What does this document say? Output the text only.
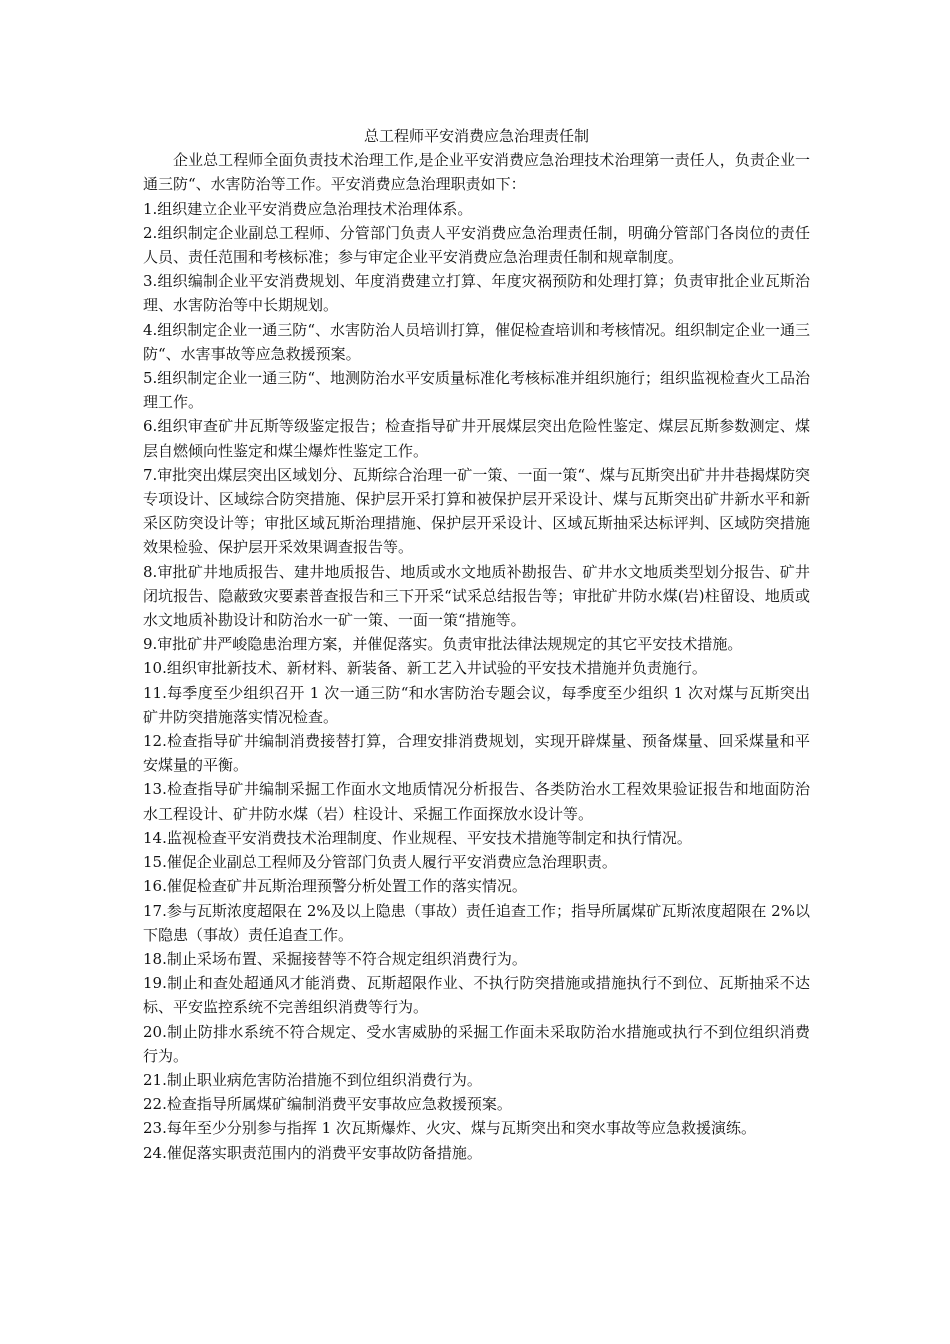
总工程师平安消费应急治理责任制

企业总工程师全面负责技术治理工作,是企业平安消费应急治理技术治理第一责任人，负责企业一通三防“、水害防治等工作。平安消费应急治理职责如下：

1.组织建立企业平安消费应急治理技术治理体系。
2.组织制定企业副总工程师、分管部门负责人平安消费应急治理责任制，明确分管部门各岗位的责任人员、责任范围和考核标准；参与审定企业平安消费应急治理责任制和规章制度。
3.组织编制企业平安消费规划、年度消费建立打算、年度灾祸预防和处理打算；负责审批企业瓦斯治理、水害防治等中长期规划。
4.组织制定企业一通三防“、水害防治人员培训打算，催促检查培训和考核情况。组织制定企业一通三防“、水害事故等应急救援预案。
5.组织制定企业一通三防“、地测防治水平安质量标准化考核标准并组织施行；组织监视检查火工品治理工作。
6.组织审查矿井瓦斯等级鉴定报告；检查指导矿井开展煤层突出危险性鉴定、煤层瓦斯参数测定、煤层自燃倾向性鉴定和煤尘爆炸性鉴定工作。
7.审批突出煤层突出区域划分、瓦斯综合治理一矿一策、一面一策“、煤与瓦斯突出矿井井巷揭煤防突专项设计、区域综合防突措施、保护层开采打算和被保护层开采设计、煤与瓦斯突出矿井新水平和新采区防突设计等；审批区域瓦斯治理措施、保护层开采设计、区域瓦斯抽采达标评判、区域防突措施效果检验、保护层开采效果调查报告等。
8.审批矿井地质报告、建井地质报告、地质或水文地质补勘报告、矿井水文地质类型划分报告、矿井闭坑报告、隐蔽致灾要素普查报告和三下开采“试采总结报告等；审批矿井防水煤(岩)柱留设、地质或水文地质补勘设计和防治水一矿一策、一面一策“措施等。
9.审批矿井严峻隐患治理方案，并催促落实。负责审批法律法规规定的其它平安技术措施。
10.组织审批新技术、新材料、新装备、新工艺入井试验的平安技术措施并负责施行。
11.每季度至少组织召开 1 次一通三防“和水害防治专题会议，每季度至少组织 1 次对煤与瓦斯突出矿井防突措施落实情况检查。
12.检查指导矿井编制消费接替打算，合理安排消费规划，实现开辟煤量、预备煤量、回采煤量和平安煤量的平衡。
13.检查指导矿井编制采掘工作面水文地质情况分析报告、各类防治水工程效果验证报告和地面防治水工程设计、矿井防水煤（岩）柱设计、采掘工作面探放水设计等。
14.监视检查平安消费技术治理制度、作业规程、平安技术措施等制定和执行情况。
15.催促企业副总工程师及分管部门负责人履行平安消费应急治理职责。
16.催促检查矿井瓦斯治理预警分析处置工作的落实情况。
17.参与瓦斯浓度超限在 2%及以上隐患（事故）责任追查工作；指导所属煤矿瓦斯浓度超限在 2%以下隐患（事故）责任追查工作。
18.制止采场布置、采掘接替等不符合规定组织消费行为。
19.制止和查处超通风才能消费、瓦斯超限作业、不执行防突措施或措施执行不到位、瓦斯抽采不达标、平安监控系统不完善组织消费等行为。
20.制止防排水系统不符合规定、受水害威胁的采掘工作面未采取防治水措施或执行不到位组织消费行为。
21.制止职业病危害防治措施不到位组织消费行为。
22.检查指导所属煤矿编制消费平安事故应急救援预案。
23.每年至少分别参与指挥 1 次瓦斯爆炸、火灾、煤与瓦斯突出和突水事故等应急救援演练。
24.催促落实职责范围内的消费平安事故防备措施。
